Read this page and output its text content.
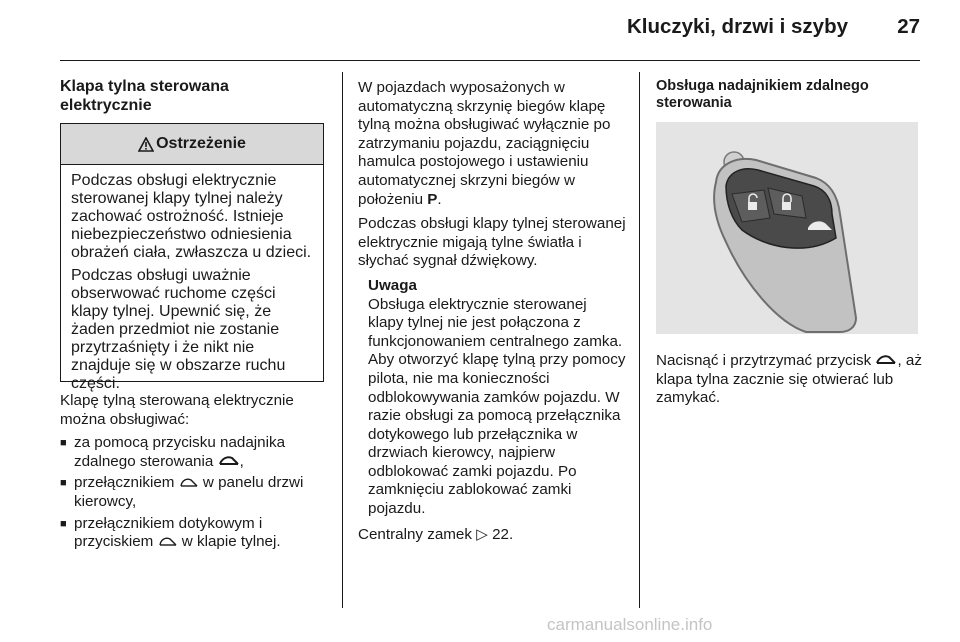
Kluczyki, drzwi i szyby 27
Klapa tylna sterowana
elektrycznie
Ostrzeżenie

Podczas obsługi elektrycznie sterowanej klapy tylnej należy zachować ostrożność. Istnieje niebezpieczeństwo odniesienia obrażeń ciała, zwłaszcza u dzieci.

Podczas obsługi uważnie obserwować ruchome części klapy tylnej. Upewnić się, że żaden przedmiot nie zostanie przytrzaśnięty i że nikt nie znajduje się w obszarze ruchu części.

Klapę tylną sterowaną elektrycznie można obsługiwać:

■ za pomocą przycisku nadajnika zdalnego sterowania ,
■ przełącznikiem w panelu drzwi kierowcy,
■ przełącznikiem dotykowym i przyciskiem w klapie tylnej.

W pojazdach wyposażonych w automatyczną skrzynię biegów klapę tylną można obsługiwać wyłącznie po zatrzymaniu pojazdu, zaciągnięciu hamulca postojowego i ustawieniu automatycznej skrzyni biegów w położeniu P.

Podczas obsługi klapy tylnej sterowanej elektrycznie migają tylne światła i słychać sygnał dźwiękowy.

Uwaga

Obsługa elektrycznie sterowanej klapy tylnej nie jest połączona z funkcjonowaniem centralnego zamka. Aby otworzyć klapę tylną przy pomocy pilota, nie ma konieczności odblokowywania zamków pojazdu. W razie obsługi za pomocą przełącznika dotykowego lub przełącznika w drzwiach kierowcy, najpierw odblokować zamki pojazdu. Po zamknięciu zablokować zamki pojazdu.

Centralny zamek ▷ 22.

Obsługa nadajnikiem zdalnego
sterowania

Nacisnąć i przytrzymać przycisk , aż klapa tylna zacznie się otwierać lub zamykać.

carmanualsonline.info
